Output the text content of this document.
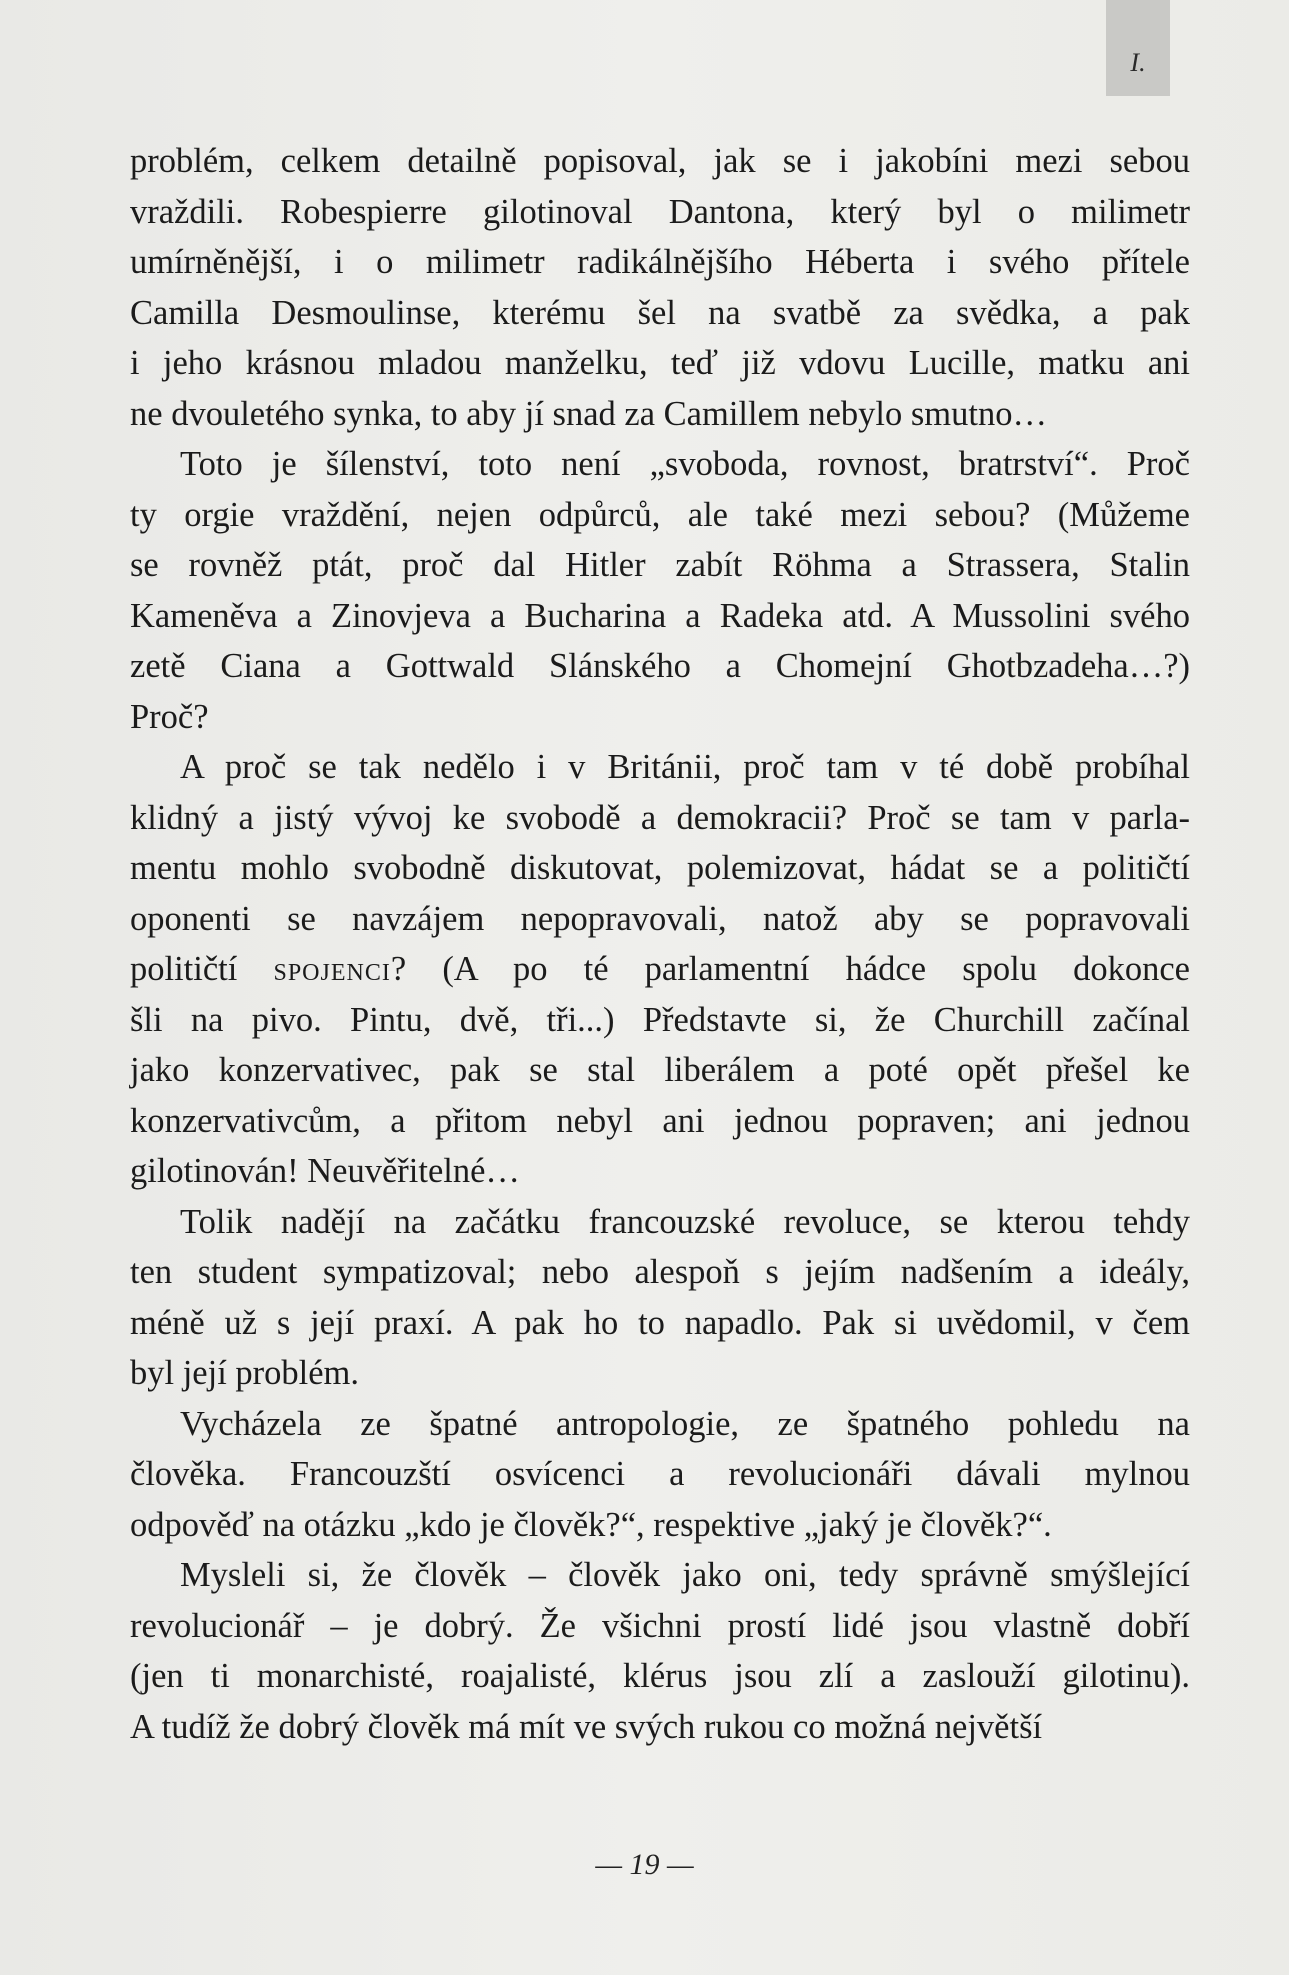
I.
problém, celkem detailně popisoval, jak se i jakobíni mezi sebou
vraždili. Robespierre gilotinoval Dantona, který byl o milimetr
umírněnější, i o milimetr radikálnějšího Héberta i svého přítele
Camilla Desmoulinse, kterému šel na svatbě za svědka, a pak
i jeho krásnou mladou manželku, teď již vdovu Lucille, matku ani
ne dvouletého synka, to aby jí snad za Camillem nebylo smutno…
Toto je šílenství, toto není „svoboda, rovnost, bratrství“. Proč
ty orgie vraždění, nejen odpůrců, ale také mezi sebou? (Můžeme
se rovněž ptát, proč dal Hitler zabít Röhma a Strassera, Stalin
Kameněva a Zinovjeva a Bucharina a Radeka atd. A Mussolini svého
zetě Ciana a Gottwald Slánského a Chomejní Ghotbzadeha…?)
Proč?
A proč se tak nedělo i v Británii, proč tam v té době probíhal
klidný a jistý vývoj ke svobodě a demokracii? Proč se tam v parla-
mentu mohlo svobodně diskutovat, polemizovat, hádat se a političtí
oponenti se navzájem nepopravovali, natož aby se popravovali
političtí spojenci? (A po té parlamentní hádce spolu dokonce
šli na pivo. Pintu, dvě, tři...) Představte si, že Churchill začínal
jako konzervativec, pak se stal liberálem a poté opět přešel ke
konzervativcům, a přitom nebyl ani jednou popraven; ani jednou
gilotinován! Neuvěřitelné…
Tolik nadějí na začátku francouzské revoluce, se kterou tehdy
ten student sympatizoval; nebo alespoň s jejím nadšením a ideály,
méně už s její praxí. A pak ho to napadlo. Pak si uvědomil, v čem
byl její problém.
Vycházela ze špatné antropologie, ze špatného pohledu na
člověka. Francouzští osvícenci a revolucionáři dávali mylnou
odpověď na otázku „kdo je člověk?“, respektive „jaký je člověk?“.
Mysleli si, že člověk – člověk jako oni, tedy správně smýšlející
revolucionář – je dobrý. Že všichni prostí lidé jsou vlastně dobří
(jen ti monarchisté, roajalisté, klérus jsou zlí a zaslouží gilotinu).
A tudíž že dobrý člověk má mít ve svých rukou co možná největší
— 19 —
